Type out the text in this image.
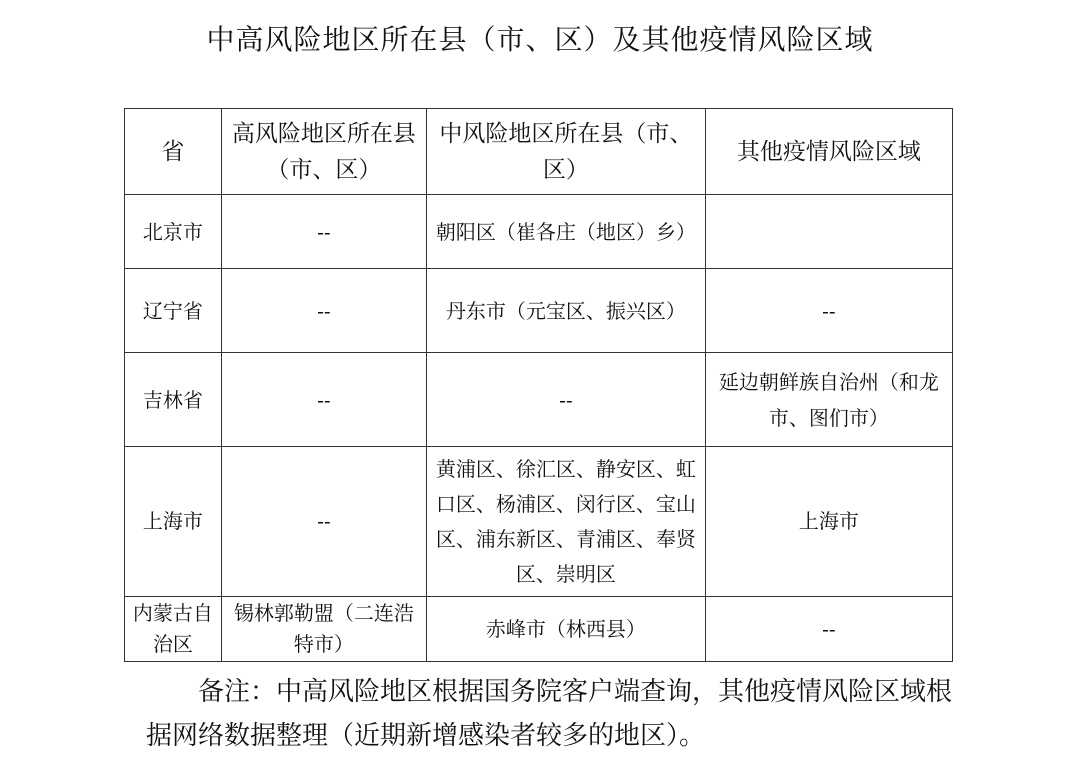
中高风险地区所在县（市、区）及其他疫情风险区域
省	高风险地区所在县（市、区）	中风险地区所在县（市、区）	其他疫情风险区域
北京市	--	朝阳区（崔各庄（地区）乡）	
辽宁省	--	丹东市（元宝区、振兴区）	--
吉林省	--	--	延边朝鲜族自治州（和龙市、图们市）
上海市	--	黄浦区、徐汇区、静安区、虹口区、杨浦区、闵行区、宝山区、浦东新区、青浦区、奉贤区、崇明区	上海市
内蒙古自治区	锡林郭勒盟（二连浩特市）	赤峰市（林西县）	--
备注：中高风险地区根据国务院客户端查询，其他疫情风险区域根据网络数据整理（近期新增感染者较多的地区）。
